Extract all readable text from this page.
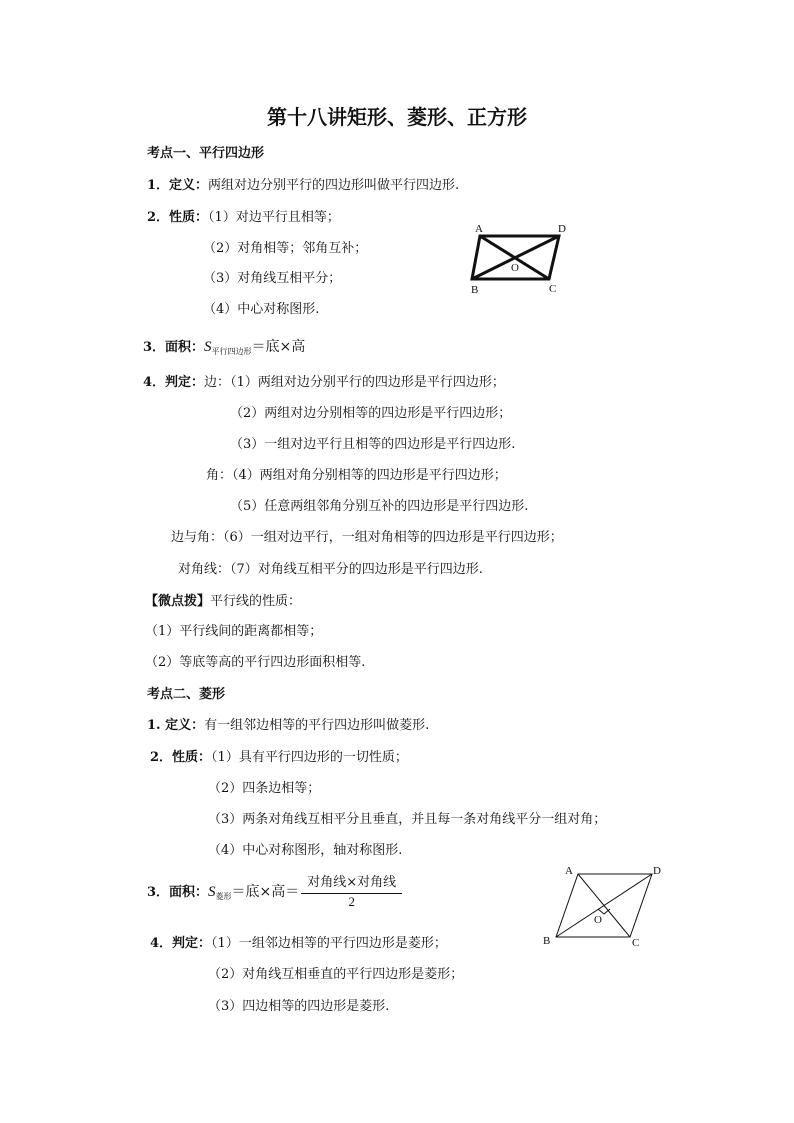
第十八讲矩形、菱形、正方形
考点一、平行四边形
1．定义：两组对边分别平行的四边形叫做平行四边形.
2．性质：（1）对边平行且相等；
（2）对角相等；邻角互补；
（3）对角线互相平分；
（4）中心对称图形.
A	D
B	C
O
3．面积：$S_{平行四边形}=$底×高
4．判定：边：（1）两组对边分别平行的四边形是平行四边形；
（2）两组对边分别相等的四边形是平行四边形；
（3）一组对边平行且相等的四边形是平行四边形.
角：（4）两组对角分别相等的四边形是平行四边形；
（5）任意两组邻角分别互补的四边形是平行四边形.
边与角：（6）一组对边平行，一组对角相等的四边形是平行四边形；
对角线：（7）对角线互相平分的四边形是平行四边形.
【微点拨】平行线的性质：
（1）平行线间的距离都相等；
（2）等底等高的平行四边形面积相等.
考点二、菱形
1. 定义：有一组邻边相等的平行四边形叫做菱形.
2．性质：（1）具有平行四边形的一切性质；
（2）四条边相等；
（3）两条对角线互相平分且垂直，并且每一条对角线平分一组对角；
（4）中心对称图形，轴对称图形.
3．面积：$S_{菱形}=$底×高＝ $\frac{\text{对角线×对角线}}{2}$
A	D
B	C
O
4．判定：（1）一组邻边相等的平行四边形是菱形；
（2）对角线互相垂直的平行四边形是菱形；
（3）四边相等的四边形是菱形.
